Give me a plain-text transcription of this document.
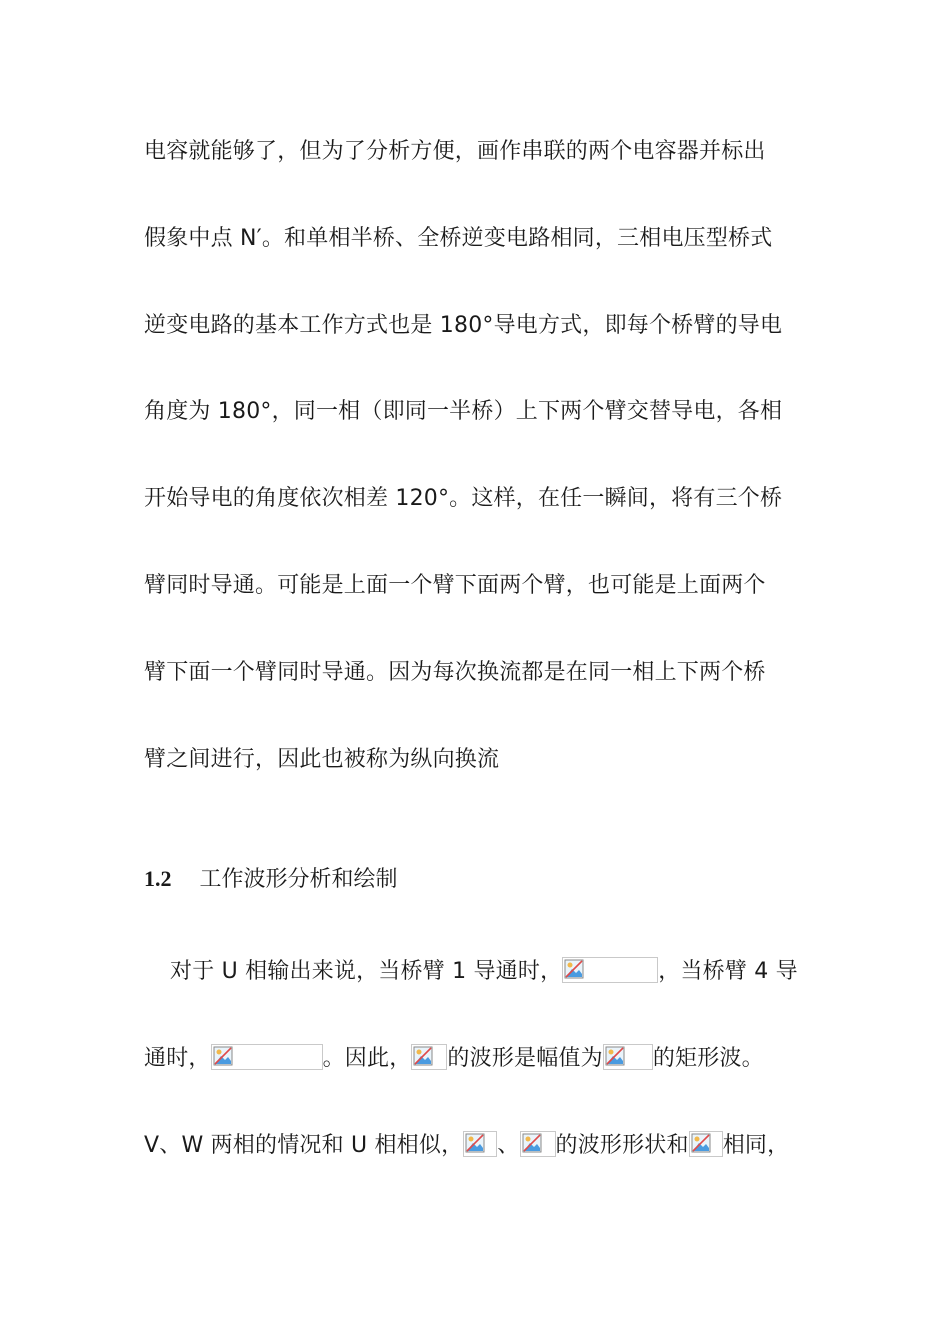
电容就能够了，但为了分析方便，画作串联的两个电容器并标出
假象中点 N′。和单相半桥、全桥逆变电路相同，三相电压型桥式
逆变电路的基本工作方式也是 180°导电方式，即每个桥臂的导电
角度为 180°，同一相（即同一半桥）上下两个臂交替导电，各相
开始导电的角度依次相差 120°。这样，在任一瞬间，将有三个桥
臂同时导通。可能是上面一个臂下面两个臂，也可能是上面两个
臂下面一个臂同时导通。因为每次换流都是在同一相上下两个桥
臂之间进行，因此也被称为纵向换流
1.2 工作波形分析和绘制
对于 U 相输出来说，当桥臂 1 导通时，	，当桥臂 4 导
通时，	。因此， 的波形是幅值为 的矩形波。
V、W 两相的情况和 U 相相似， 、 的波形形状和 相同，
